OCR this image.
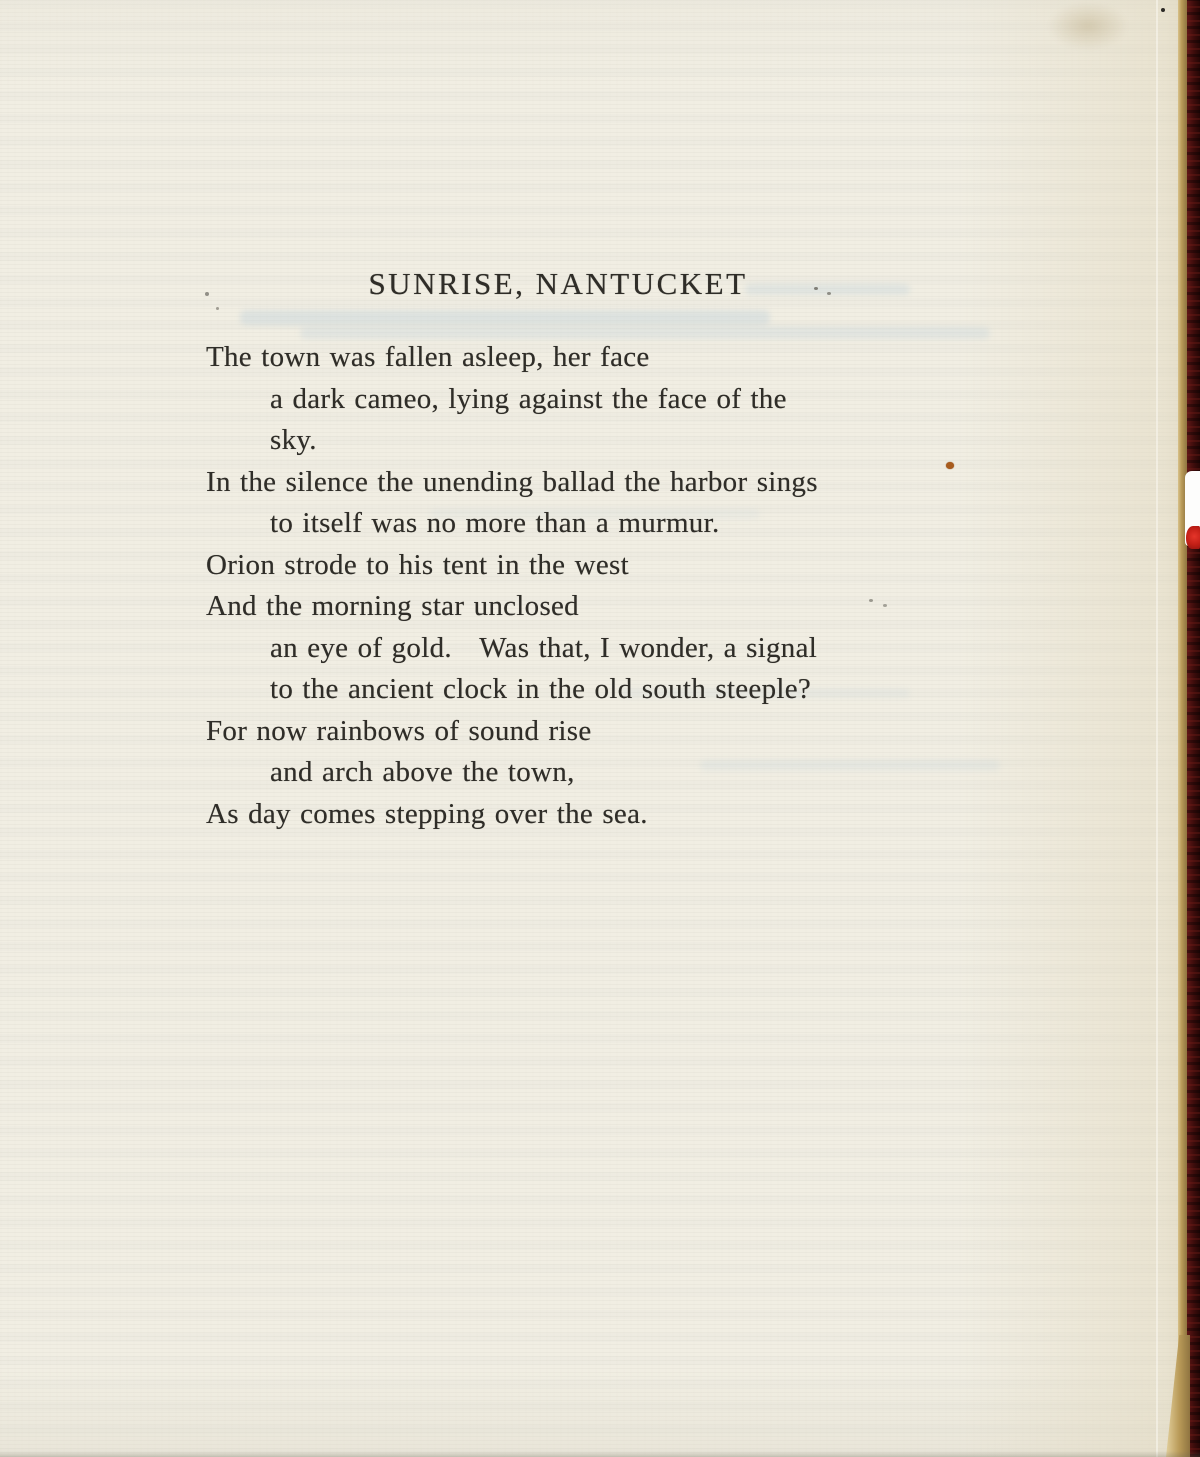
SUNRISE, NANTUCKET
The town was fallen asleep, her face
a dark cameo, lying against the face of the
sky.
In the silence the unending ballad the harbor sings
to itself was no more than a murmur.
Orion strode to his tent in the west
And the morning star unclosed
an eye of gold.   Was that, I wonder, a signal
to the ancient clock in the old south steeple?
For now rainbows of sound rise
and arch above the town,
As day comes stepping over the sea.
